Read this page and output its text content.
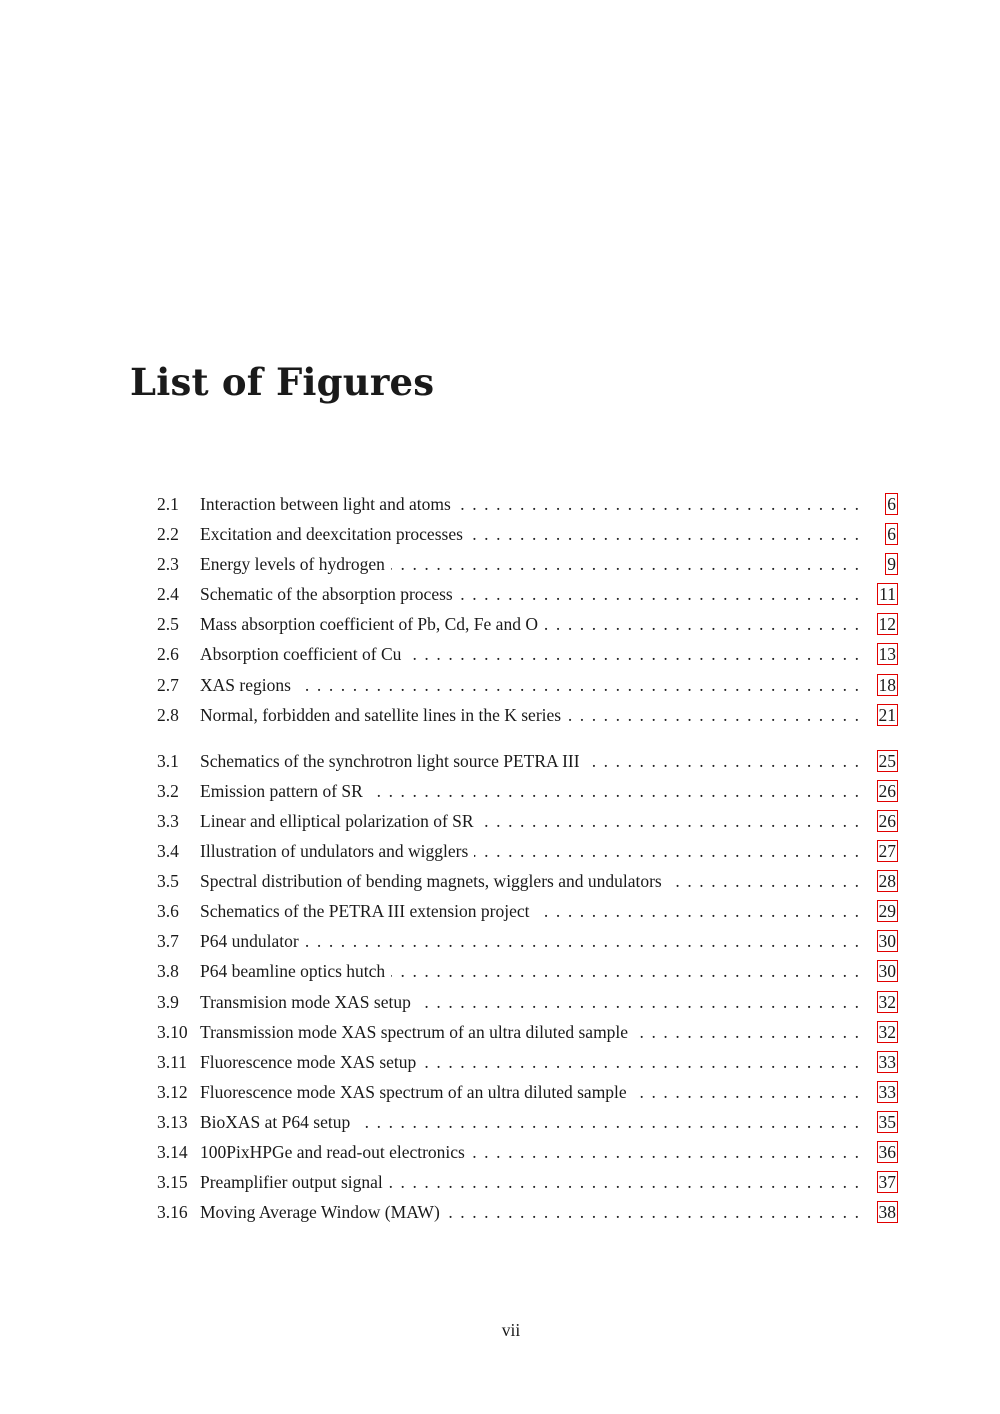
List of Figures
2.1	Interaction between light and atoms . . .	6
2.2	Excitation and deexcitation processes . . .	6
2.3	Energy levels of hydrogen . . .	9
2.4	Schematic of the absorption process . . .	11
2.5	Mass absorption coefficient of Pb, Cd, Fe and O . . .	12
2.6	Absorption coefficient of Cu . . .	13
2.7	XAS regions . . .	18
2.8	Normal, forbidden and satellite lines in the K series . . .	21
3.1	Schematics of the synchrotron light source PETRA III . . .	25
3.2	Emission pattern of SR . . .	26
3.3	Linear and elliptical polarization of SR . . .	26
3.4	Illustration of undulators and wigglers . . .	27
3.5	Spectral distribution of bending magnets, wigglers and undulators . . .	28
3.6	Schematics of the PETRA III extension project . . .	29
3.7	P64 undulator . . .	30
3.8	P64 beamline optics hutch . . .	30
3.9	Transmision mode XAS setup . . .	32
3.10 Transmission mode XAS spectrum of an ultra diluted sample . . .	32
3.11 Fluorescence mode XAS setup . . .	33
3.12 Fluorescence mode XAS spectrum of an ultra diluted sample . . .	33
3.13 BioXAS at P64 setup . . .	35
3.14 100PixHPGe and read-out electronics . . .	36
3.15 Preamplifier output signal . . .	37
3.16 Moving Average Window (MAW) . . .	38
vii
